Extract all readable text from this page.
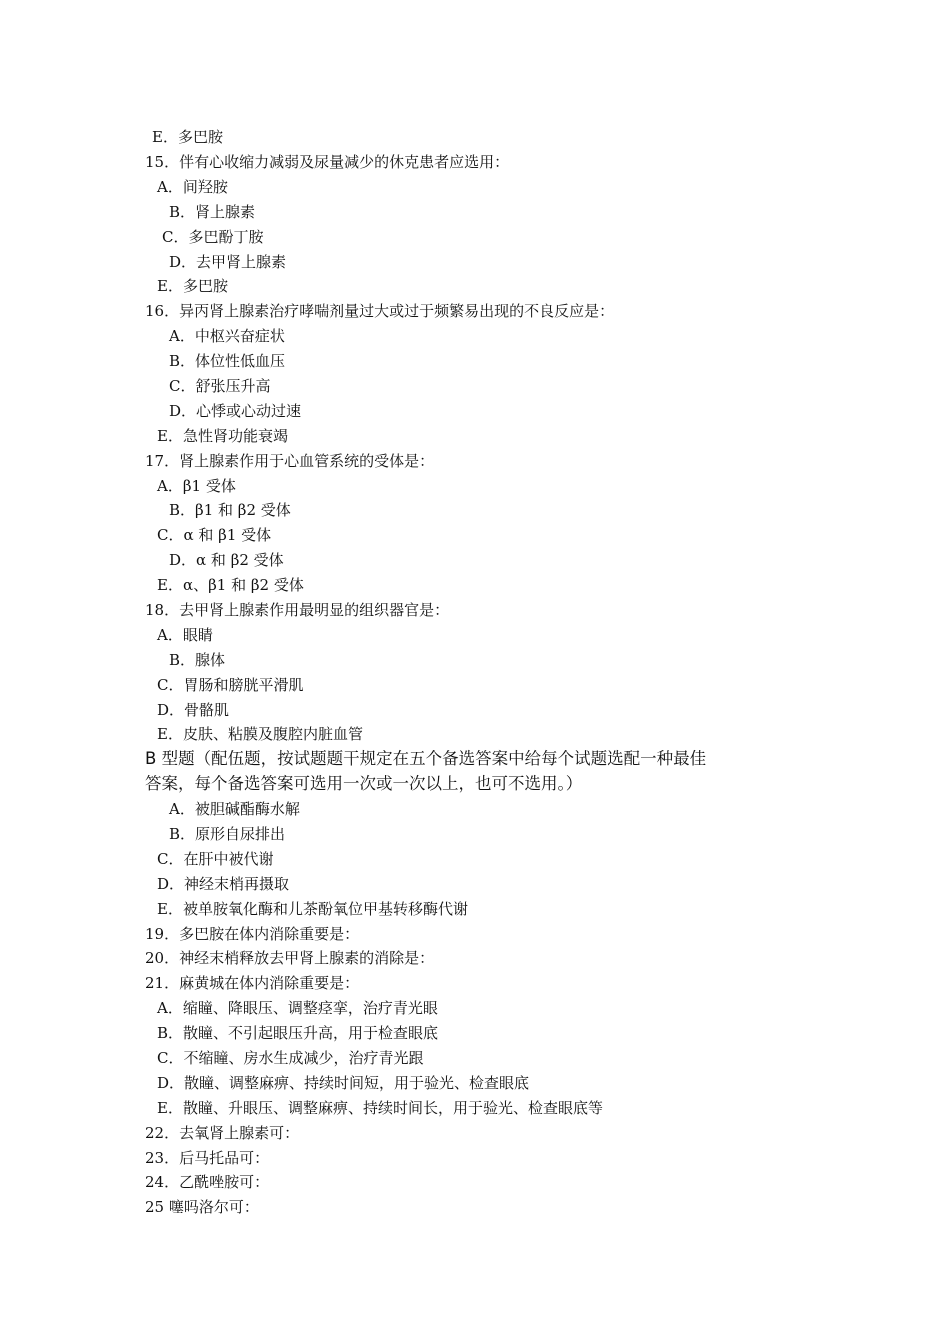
E．多巴胺
15．伴有心收缩力减弱及尿量减少的休克患者应选用：
A．间羟胺
B．肾上腺素
C．多巴酚丁胺
D．去甲肾上腺素
E．多巴胺
16．异丙肾上腺素治疗哮喘剂量过大或过于频繁易出现的不良反应是：
A．中枢兴奋症状
B．体位性低血压
C．舒张压升高
D．心悸或心动过速
E．急性肾功能衰竭
17．肾上腺素作用于心血管系统的受体是：
A．β1 受体
B．β1 和 β2 受体
C．α 和 β1 受体
D．α 和 β2 受体
E．α、β1 和 β2 受体
18．去甲肾上腺素作用最明显的组织器官是：
A．眼睛
B．腺体
C．胃肠和膀胱平滑肌
D．骨骼肌
E．皮肤、粘膜及腹腔内脏血管
B 型题（配伍题，按试题题干规定在五个备选答案中给每个试题选配一种最佳
答案，每个备选答案可选用一次或一次以上，也可不选用。）
A．被胆碱酯酶水解
B．原形自尿排出
C．在肝中被代谢
D．神经末梢再摄取
E．被单胺氧化酶和儿茶酚氧位甲基转移酶代谢
19．多巴胺在体内消除重要是：
20．神经末梢释放去甲肾上腺素的消除是：
21．麻黄城在体内消除重要是：
A．缩瞳、降眼压、调整痉挛，治疗青光眼
B．散瞳、不引起眼压升高，用于检查眼底
C．不缩瞳、房水生成减少，治疗青光跟
D．散瞳、调整麻痹、持续时间短，用于验光、检查眼底
E．散瞳、升眼压、调整麻痹、持续时间长，用于验光、检查眼底等
22．去氧肾上腺素可：
23．后马托品可：
24．乙酰唑胺可：
25 噻吗洛尔可：
